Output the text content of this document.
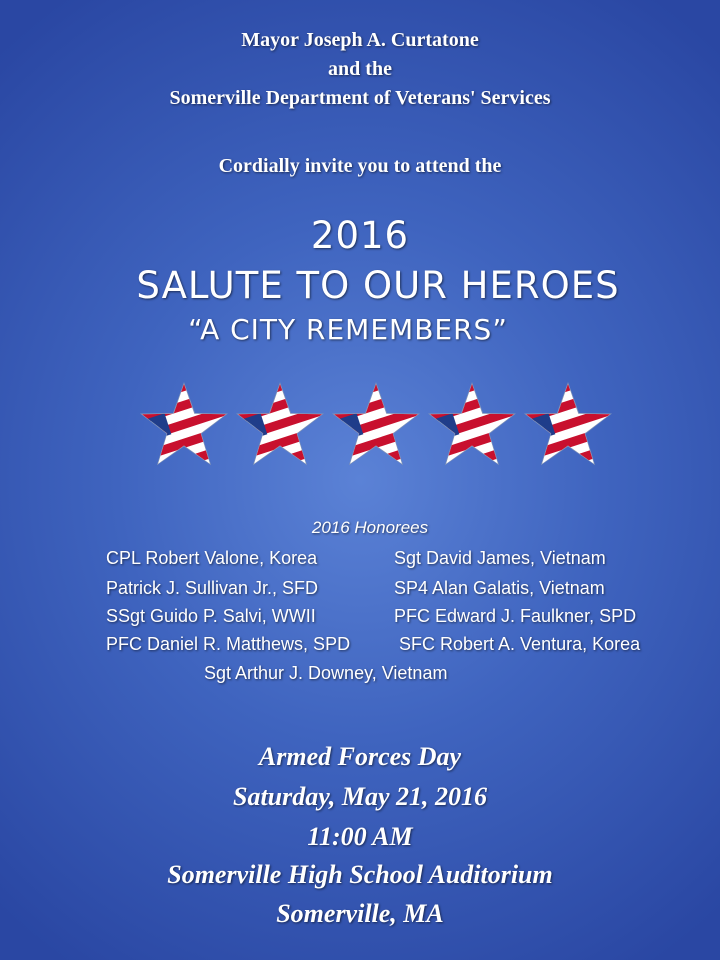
Mayor Joseph A. Curtatone
and the
Somerville Department of Veterans' Services
Cordially invite you to attend the
2016
SALUTE TO OUR HEROES
“A CITY REMEMBERS”
2016 Honorees
CPL Robert Valone, Korea
Patrick J. Sullivan Jr., SFD
SSgt Guido P. Salvi, WWII
PFC Daniel R. Matthews, SPD
Sgt David James, Vietnam
SP4 Alan Galatis, Vietnam
PFC Edward J. Faulkner, SPD
SFC Robert A. Ventura, Korea
Sgt Arthur J. Downey, Vietnam
Armed Forces Day
Saturday, May 21, 2016
11:00 AM
Somerville High School Auditorium
Somerville, MA
